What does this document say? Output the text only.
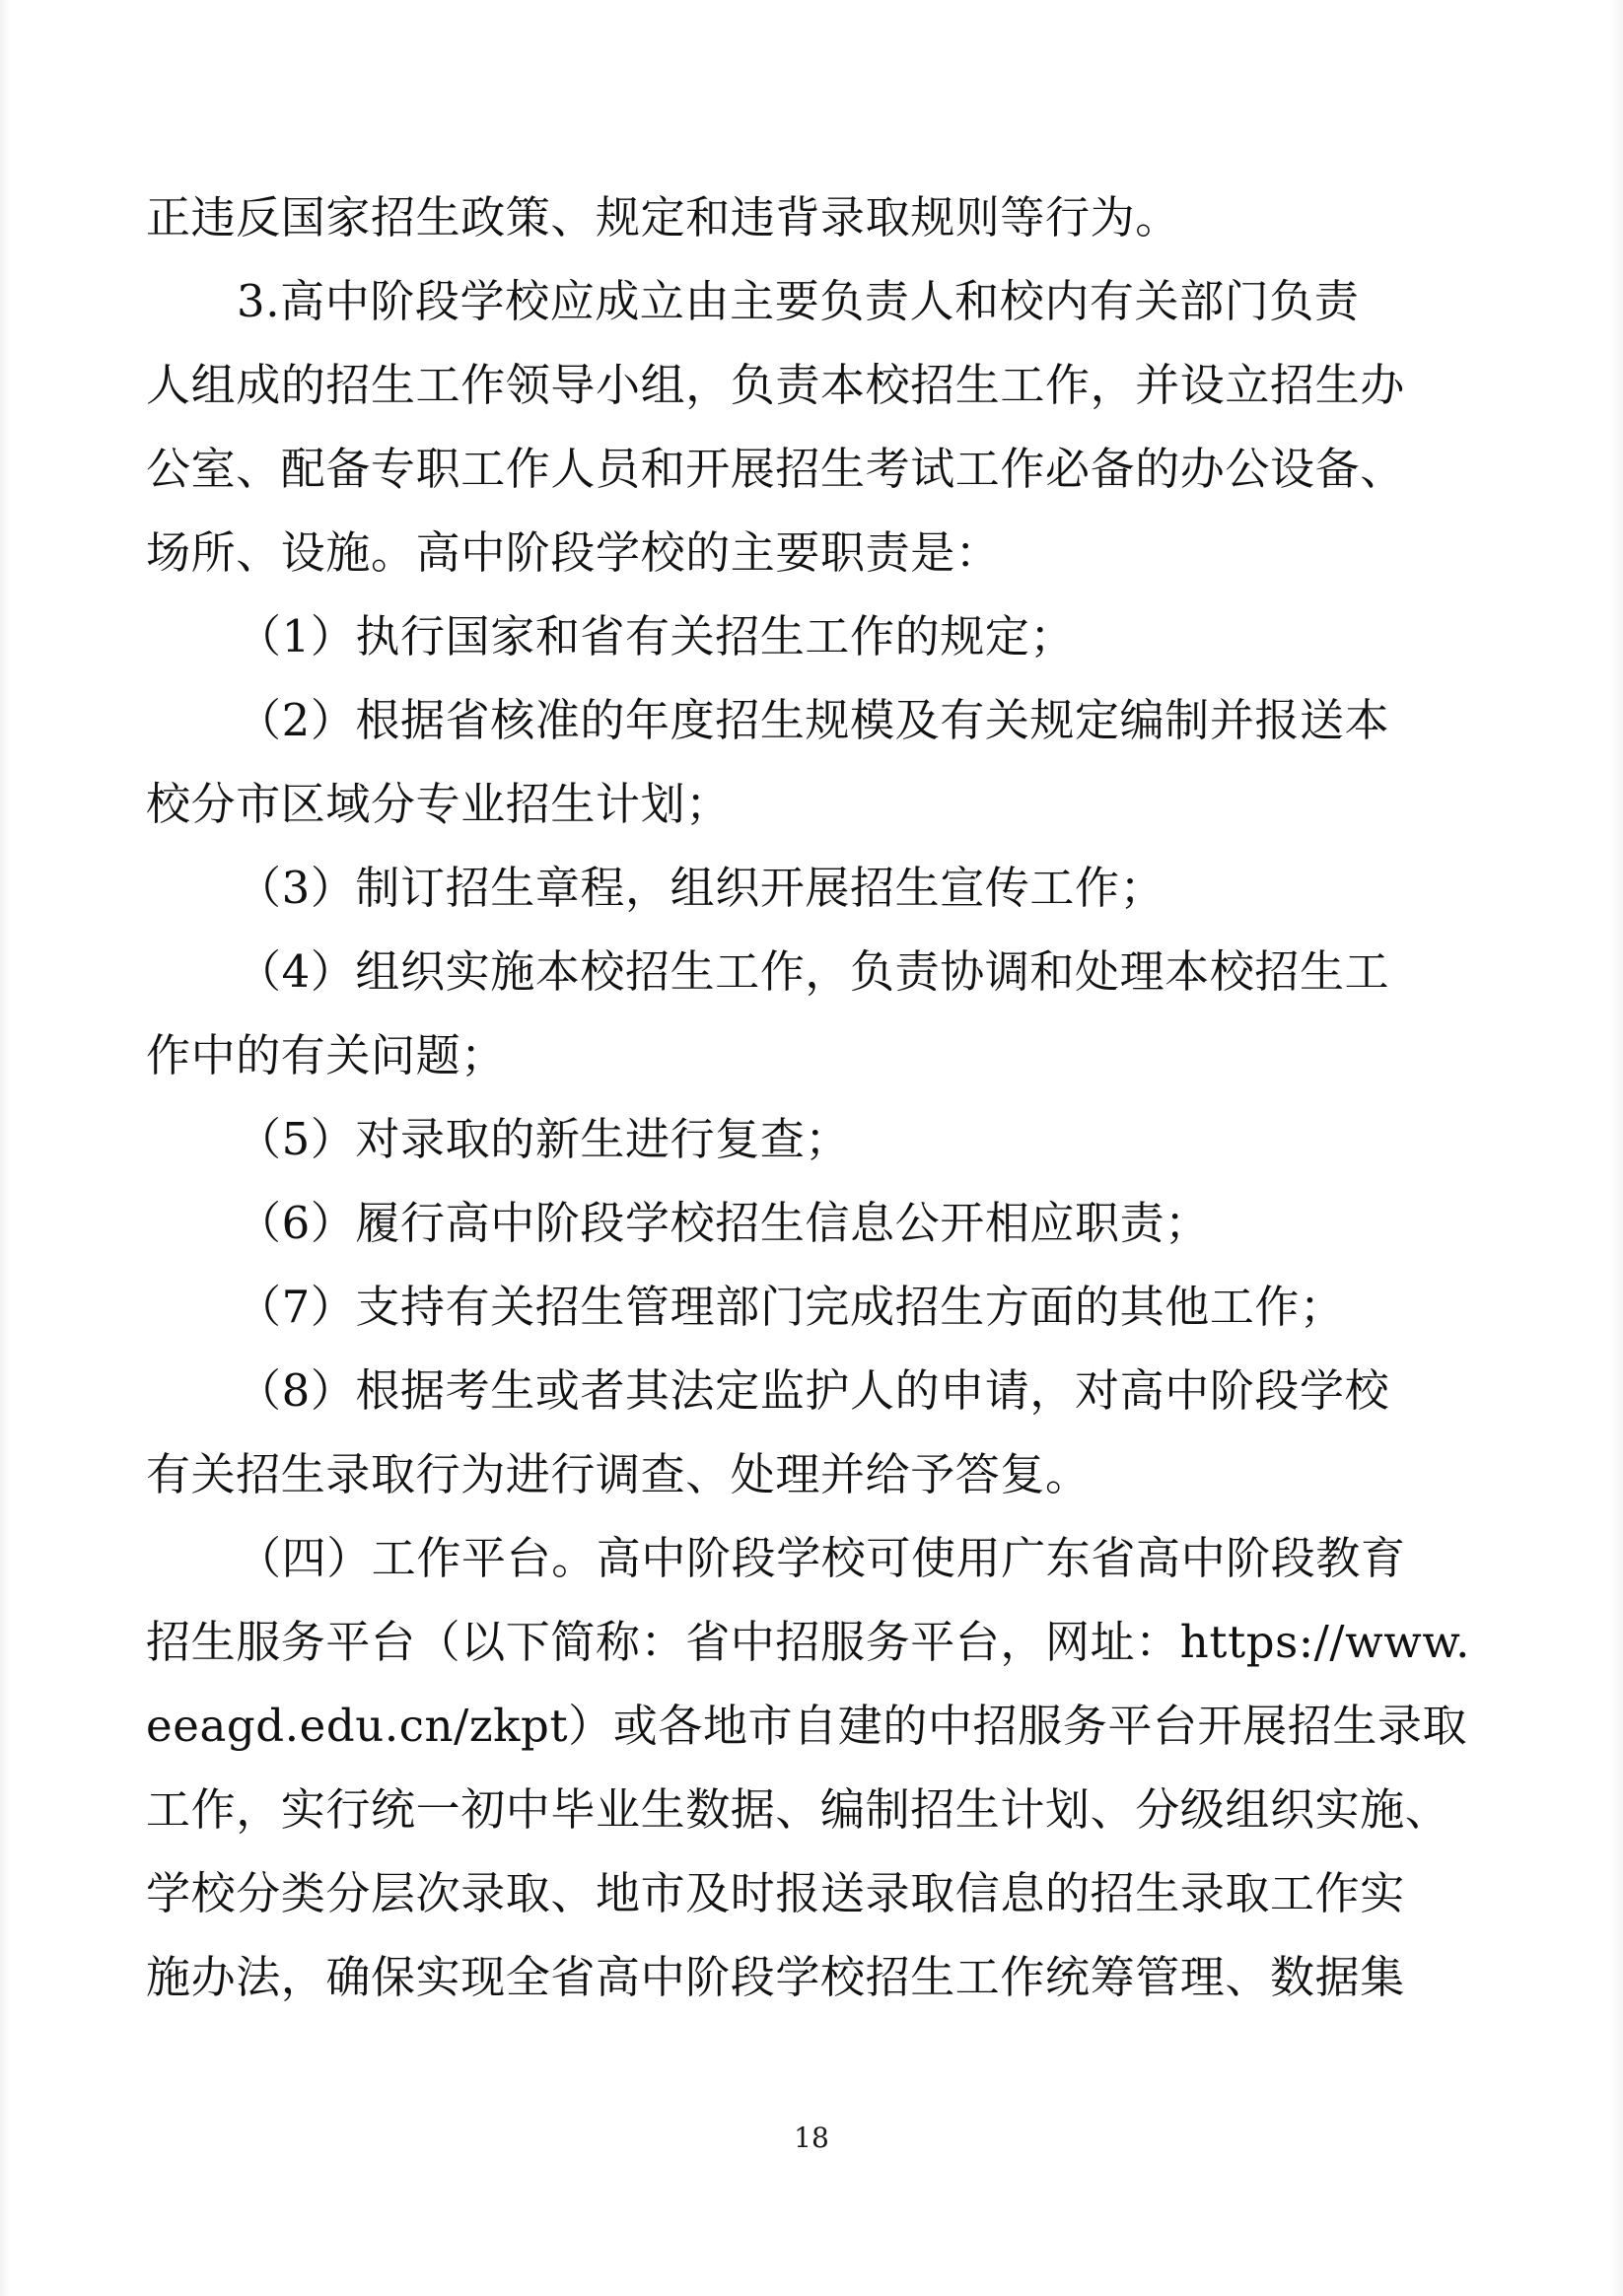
正违反国家招生政策、规定和违背录取规则等行为。
3.高中阶段学校应成立由主要负责人和校内有关部门负责
人组成的招生工作领导小组，负责本校招生工作，并设立招生办
公室、配备专职工作人员和开展招生考试工作必备的办公设备、
场所、设施。高中阶段学校的主要职责是：
（1）执行国家和省有关招生工作的规定；
（2）根据省核准的年度招生规模及有关规定编制并报送本
校分市区域分专业招生计划；
（3）制订招生章程，组织开展招生宣传工作；
（4）组织实施本校招生工作，负责协调和处理本校招生工
作中的有关问题；
（5）对录取的新生进行复查；
（6）履行高中阶段学校招生信息公开相应职责；
（7）支持有关招生管理部门完成招生方面的其他工作；
（8）根据考生或者其法定监护人的申请，对高中阶段学校
有关招生录取行为进行调查、处理并给予答复。
（四）工作平台。高中阶段学校可使用广东省高中阶段教育
招生服务平台（以下简称：省中招服务平台，网址：https://www.
eeagd.edu.cn/zkpt）或各地市自建的中招服务平台开展招生录取
工作，实行统一初中毕业生数据、编制招生计划、分级组织实施、
学校分类分层次录取、地市及时报送录取信息的招生录取工作实
施办法，确保实现全省高中阶段学校招生工作统筹管理、数据集
18
